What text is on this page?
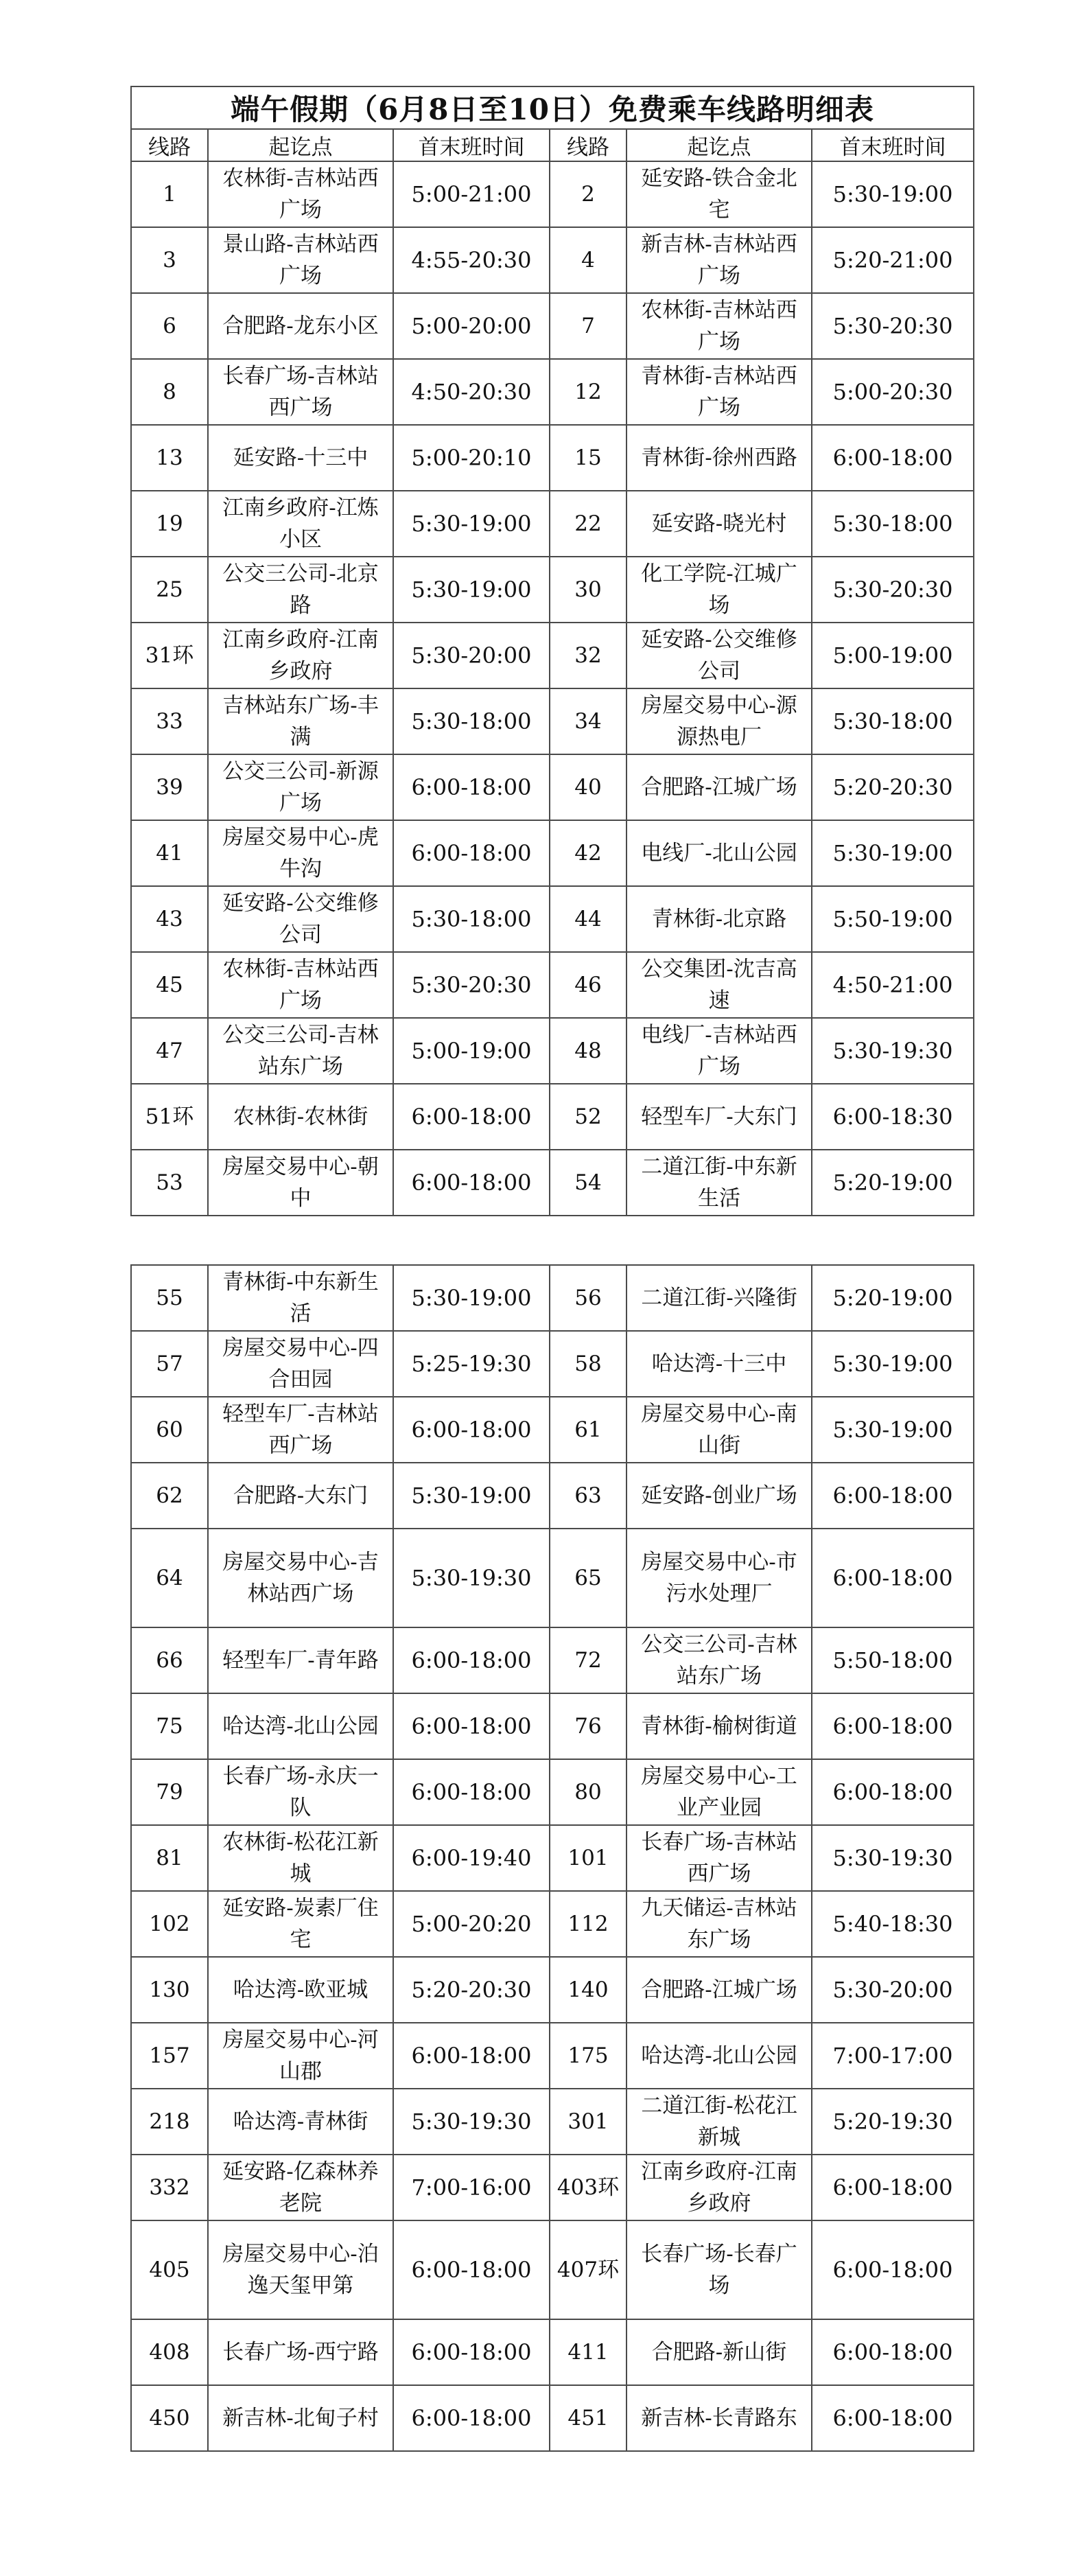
端午假期（6月8日至10日）免费乘车线路明细表					
线路	起讫点	首末班时间	线路	起讫点	首末班时间
1	农林街-吉林站西广场	5:00-21:00	2	延安路-铁合金北宅	5:30-19:00
3	景山路-吉林站西广场	4:55-20:30	4	新吉林-吉林站西广场	5:20-21:00
6	合肥路-龙东小区	5:00-20:00	7	农林街-吉林站西广场	5:30-20:30
8	长春广场-吉林站西广场	4:50-20:30	12	青林街-吉林站西广场	5:00-20:30
13	延安路-十三中	5:00-20:10	15	青林街-徐州西路	6:00-18:00
19	江南乡政府-江炼小区	5:30-19:00	22	延安路-晓光村	5:30-18:00
25	公交三公司-北京路	5:30-19:00	30	化工学院-江城广场	5:30-20:30
31环	江南乡政府-江南乡政府	5:30-20:00	32	延安路-公交维修公司	5:00-19:00
33	吉林站东广场-丰满	5:30-18:00	34	房屋交易中心-源源热电厂	5:30-18:00
39	公交三公司-新源广场	6:00-18:00	40	合肥路-江城广场	5:20-20:30
41	房屋交易中心-虎牛沟	6:00-18:00	42	电线厂-北山公园	5:30-19:00
43	延安路-公交维修公司	5:30-18:00	44	青林街-北京路	5:50-19:00
45	农林街-吉林站西广场	5:30-20:30	46	公交集团-沈吉高速	4:50-21:00
47	公交三公司-吉林站东广场	5:00-19:00	48	电线厂-吉林站西广场	5:30-19:30
51环	农林街-农林街	6:00-18:00	52	轻型车厂-大东门	6:00-18:30
53	房屋交易中心-朝中	6:00-18:00	54	二道江街-中东新生活	5:20-19:00
55	青林街-中东新生活	5:30-19:00	56	二道江街-兴隆街	5:20-19:00
57	房屋交易中心-四合田园	5:25-19:30	58	哈达湾-十三中	5:30-19:00
60	轻型车厂-吉林站西广场	6:00-18:00	61	房屋交易中心-南山街	5:30-19:00
62	合肥路-大东门	5:30-19:00	63	延安路-创业广场	6:00-18:00
64	房屋交易中心-吉林站西广场	5:30-19:30	65	房屋交易中心-市污水处理厂	6:00-18:00
66	轻型车厂-青年路	6:00-18:00	72	公交三公司-吉林站东广场	5:50-18:00
75	哈达湾-北山公园	6:00-18:00	76	青林街-榆树街道	6:00-18:00
79	长春广场-永庆一队	6:00-18:00	80	房屋交易中心-工业产业园	6:00-18:00
81	农林街-松花江新城	6:00-19:40	101	长春广场-吉林站西广场	5:30-19:30
102	延安路-炭素厂住宅	5:00-20:20	112	九天储运-吉林站东广场	5:40-18:30
130	哈达湾-欧亚城	5:20-20:30	140	合肥路-江城广场	5:30-20:00
157	房屋交易中心-河山郡	6:00-18:00	175	哈达湾-北山公园	7:00-17:00
218	哈达湾-青林街	5:30-19:30	301	二道江街-松花江新城	5:20-19:30
332	延安路-亿森林养老院	7:00-16:00	403环	江南乡政府-江南乡政府	6:00-18:00
405	房屋交易中心-泊逸天玺甲第	6:00-18:00	407环	长春广场-长春广场	6:00-18:00
408	长春广场-西宁路	6:00-18:00	411	合肥路-新山街	6:00-18:00
450	新吉林-北甸子村	6:00-18:00	451	新吉林-长青路东	6:00-18:00
